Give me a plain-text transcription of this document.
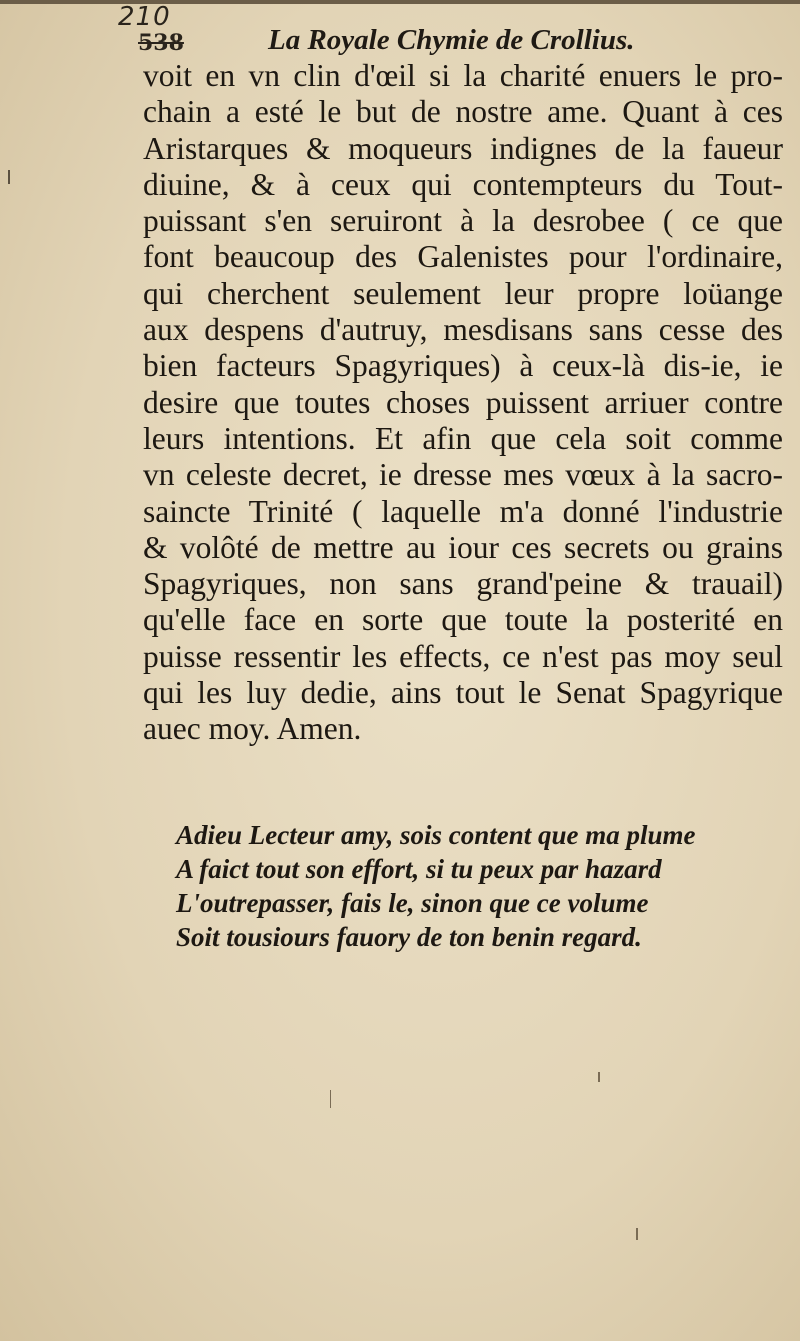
210
538	La Royale Chymie de Crollius.
voit en vn clin d'œil si la charité enuers le pro-
chain a esté le but de nostre ame. Quant à ces
Aristarques & moqueurs indignes de la faueur
diuine, & à ceux qui contempteurs du Tout-
puissant s'en seruiront à la desrobee ( ce que
font beaucoup des Galenistes pour l'ordinaire,
qui cherchent seulement leur propre loüange
aux despens d'autruy, mesdisans sans cesse des
bien facteurs Spagyriques) à ceux-là dis-ie, ie
desire que toutes choses puissent arriuer contre
leurs intentions. Et afin que cela soit comme
vn celeste decret, ie dresse mes vœux à la sacro-
saincte Trinité ( laquelle m'a donné l'industrie
& volôté de mettre au iour ces secrets ou grains
Spagyriques, non sans grand'peine & trauail)
qu'elle face en sorte que toute la posterité en
puisse ressentir les effects, ce n'est pas moy seul
qui les luy dedie, ains tout le Senat Spagyrique
auec moy. Amen.
Adieu Lecteur amy, sois content que ma plume
A faict tout son effort, si tu peux par hazard
L'outrepasser, fais le, sinon que ce volume
Soit tousiours fauory de ton benin regard.
